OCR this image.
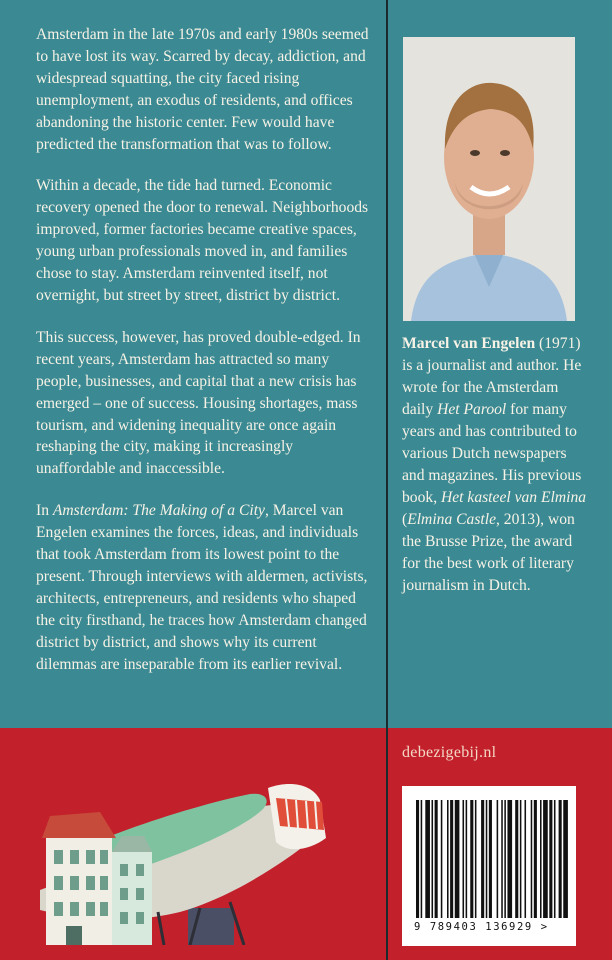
Amsterdam in the late 1970s and early 1980s seemed to have lost its way. Scarred by decay, addiction, and widespread squatting, the city faced rising unemployment, an exodus of residents, and offices abandoning the historic center. Few would have predicted the transformation that was to follow.

Within a decade, the tide had turned. Economic recovery opened the door to renewal. Neighborhoods improved, former factories became creative spaces, young urban professionals moved in, and families chose to stay. Amsterdam reinvented itself, not overnight, but street by street, district by district.

This success, however, has proved double-edged. In recent years, Amsterdam has attracted so many people, businesses, and capital that a new crisis has emerged – one of success. Housing shortages, mass tourism, and widening inequality are once again reshaping the city, making it increasingly unaffordable and inaccessible.

In Amsterdam: The Making of a City, Marcel van Engelen examines the forces, ideas, and individuals that took Amsterdam from its lowest point to the present. Through interviews with aldermen, activists, architects, entrepreneurs, and residents who shaped the city firsthand, he traces how Amsterdam changed district by district, and shows why its current dilemmas are inseparable from its earlier revival.

Marcel van Engelen (1971) is a journalist and author. He wrote for the Amsterdam daily Het Parool for many years and has contributed to various Dutch newspapers and magazines. His previous book, Het kasteel van Elmina (Elmina Castle, 2013), won the Brusse Prize, the award for the best work of literary journalism in Dutch.
debezigebij.nl
9 789403 136929 >
